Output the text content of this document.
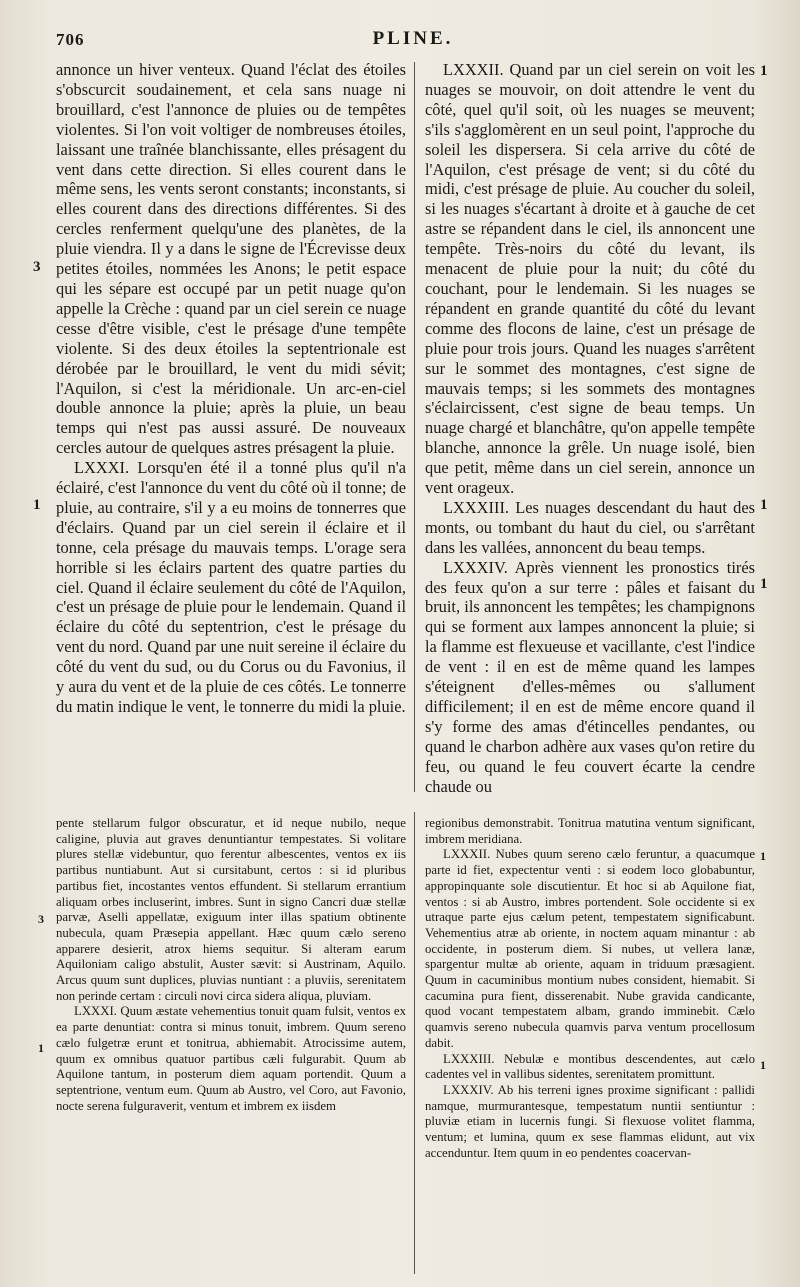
706	PLINE.

annonce un hiver venteux. Quand l'éclat des étoiles s'obscurcit soudainement, et cela sans nuage ni brouillard, c'est l'annonce de pluies ou de tempêtes violentes. Si l'on voit voltiger de nombreuses étoiles, laissant une traînée blanchissante, elles présagent du vent dans cette direction. Si elles courent dans le même sens, les vents seront constants; inconstants, si elles courent dans des directions différentes. Si des cercles renferment quelqu'une des planètes, de la pluie viendra. Il y a dans le signe de l'Écrevisse deux petites étoiles, nommées les Anons; le petit espace qui les sépare est occupé par un petit nuage qu'on appelle la Crèche : quand par un ciel serein ce nuage cesse d'être visible, c'est le présage d'une tempête violente. Si des deux étoiles la septentrionale est dérobée par le brouillard, le vent du midi sévit; l'Aquilon, si c'est la méridionale. Un arc-en-ciel double annonce la pluie; après la pluie, un beau temps qui n'est pas aussi assuré. De nouveaux cercles autour de quelques astres présagent la pluie.

LXXXI. Lorsqu'en été il a tonné plus qu'il n'a éclairé, c'est l'annonce du vent du côté où il tonne; de pluie, au contraire, s'il y a eu moins de tonnerres que d'éclairs. Quand par un ciel serein il éclaire et il tonne, cela présage du mauvais temps. L'orage sera horrible si les éclairs partent des quatre parties du ciel. Quand il éclaire seulement du côté de l'Aquilon, c'est un présage de pluie pour le lendemain. Quand il éclaire du côté du septentrion, c'est le présage du vent du nord. Quand par une nuit sereine il éclaire du côté du vent du sud, ou du Corus ou du Favonius, il y aura du vent et de la pluie de ces côtés. Le tonnerre du matin indique le vent, le tonnerre du midi la pluie.

LXXXII. Quand par un ciel serein on voit les nuages se mouvoir, on doit attendre le vent du côté, quel qu'il soit, où les nuages se meuvent; s'ils s'agglomèrent en un seul point, l'approche du soleil les dispersera. Si cela arrive du côté de l'Aquilon, c'est présage de vent; si du côté du midi, c'est présage de pluie. Au coucher du soleil, si les nuages s'écartant à droite et à gauche de cet astre se répandent dans le ciel, ils annoncent une tempête. Très-noirs du côté du levant, ils menacent de pluie pour la nuit; du côté du couchant, pour le lendemain. Si les nuages se répandent en grande quantité du côté du levant comme des flocons de laine, c'est un présage de pluie pour trois jours. Quand les nuages s'arrêtent sur le sommet des montagnes, c'est signe de mauvais temps; si les sommets des montagnes s'éclaircissent, c'est signe de beau temps. Un nuage chargé et blanchâtre, qu'on appelle tempête blanche, annonce la grêle. Un nuage isolé, bien que petit, même dans un ciel serein, annonce un vent orageux.

LXXXIII. Les nuages descendant du haut des monts, ou tombant du haut du ciel, ou s'arrêtant dans les vallées, annoncent du beau temps.

LXXXIV. Après viennent les pronostics tirés des feux qu'on a sur terre : pâles et faisant du bruit, ils annoncent les tempêtes; les champignons qui se forment aux lampes annoncent la pluie; si la flamme est flexueuse et vacillante, c'est l'indice de vent : il en est de même quand les lampes s'éteignent d'elles-mêmes ou s'allument difficilement; il en est de même encore quand il s'y forme des amas d'étincelles pendantes, ou quand le charbon adhère aux vases qu'on retire du feu, ou quand le feu couvert écarte la cendre chaude ou

pente stellarum fulgor obscuratur, et id neque nubilo, neque caligine, pluvia aut graves denuntiantur tempestates. Si volitare plures stellæ videbuntur, quo ferentur albescentes, ventos ex iis partibus nuntiabunt. Aut si cursitabunt, certos : si id pluribus partibus fiet, incostantes ventos effundent. Si stellarum errantium aliquam orbes incluserint, imbres. Sunt in signo Cancri duæ stellæ parvæ, Aselli appellatæ, exiguum inter illas spatium obtinente nubecula, quam Præsepia appellant. Hæc quum cælo sereno apparere desierit, atrox hiems sequitur. Si alteram earum Aquiloniam caligo abstulit, Auster sævit: si Austrinam, Aquilo. Arcus quum sunt duplices, pluvias nuntiant : a pluviis, serenitatem non perinde certam : circuli novi circa sidera aliqua, pluviam.

LXXXI. Quum æstate vehementius tonuit quam fulsit, ventos ex ea parte denuntiat: contra si minus tonuit, imbrem. Quum sereno cælo fulgetræ erunt et tonitrua, abhiemabit. Atrocissime autem, quum ex omnibus quatuor partibus cæli fulgurabit. Quum ab Aquilone tantum, in posterum diem aquam portendit. Quum a septentrione, ventum eum. Quum ab Austro, vel Coro, aut Favonio, nocte serena fulguraverit, ventum et imbrem ex iisdem

regionibus demonstrabit. Tonitrua matutina ventum significant, imbrem meridiana.

LXXXII. Nubes quum sereno cælo feruntur, a quacumque parte id fiet, expectentur venti : si eodem loco globabuntur, appropinquante sole discutientur. Et hoc si ab Aquilone fiat, ventos : si ab Austro, imbres portendent. Sole occidente si ex utraque parte ejus cælum petent, tempestatem significabunt. Vehementius atræ ab oriente, in noctem aquam minantur : ab occidente, in posterum diem. Si nubes, ut vellera lanæ, spargentur multæ ab oriente, aquam in triduum præsagient. Quum in cacuminibus montium nubes consident, hiemabit. Si cacumina pura fient, disserenabit. Nube gravida candicante, quod vocant tempestatem albam, grando imminebit. Cælo quamvis sereno nubecula quamvis parva ventum procellosum dabit.

LXXXIII. Nebulæ e montibus descendentes, aut cælo cadentes vel in vallibus sidentes, serenitatem promittunt.

LXXXIV. Ab his terreni ignes proxime significant : pallidi namque, murmurantesque, tempestatum nuntii sentiuntur : pluviæ etiam in lucernis fungi. Si flexuose volitet flamma, ventum; et lumina, quum ex sese flammas elidunt, aut vix accenduntur. Item quum in eo pendentes coacervan-

3
1
1
1
1
3
1
1
1
